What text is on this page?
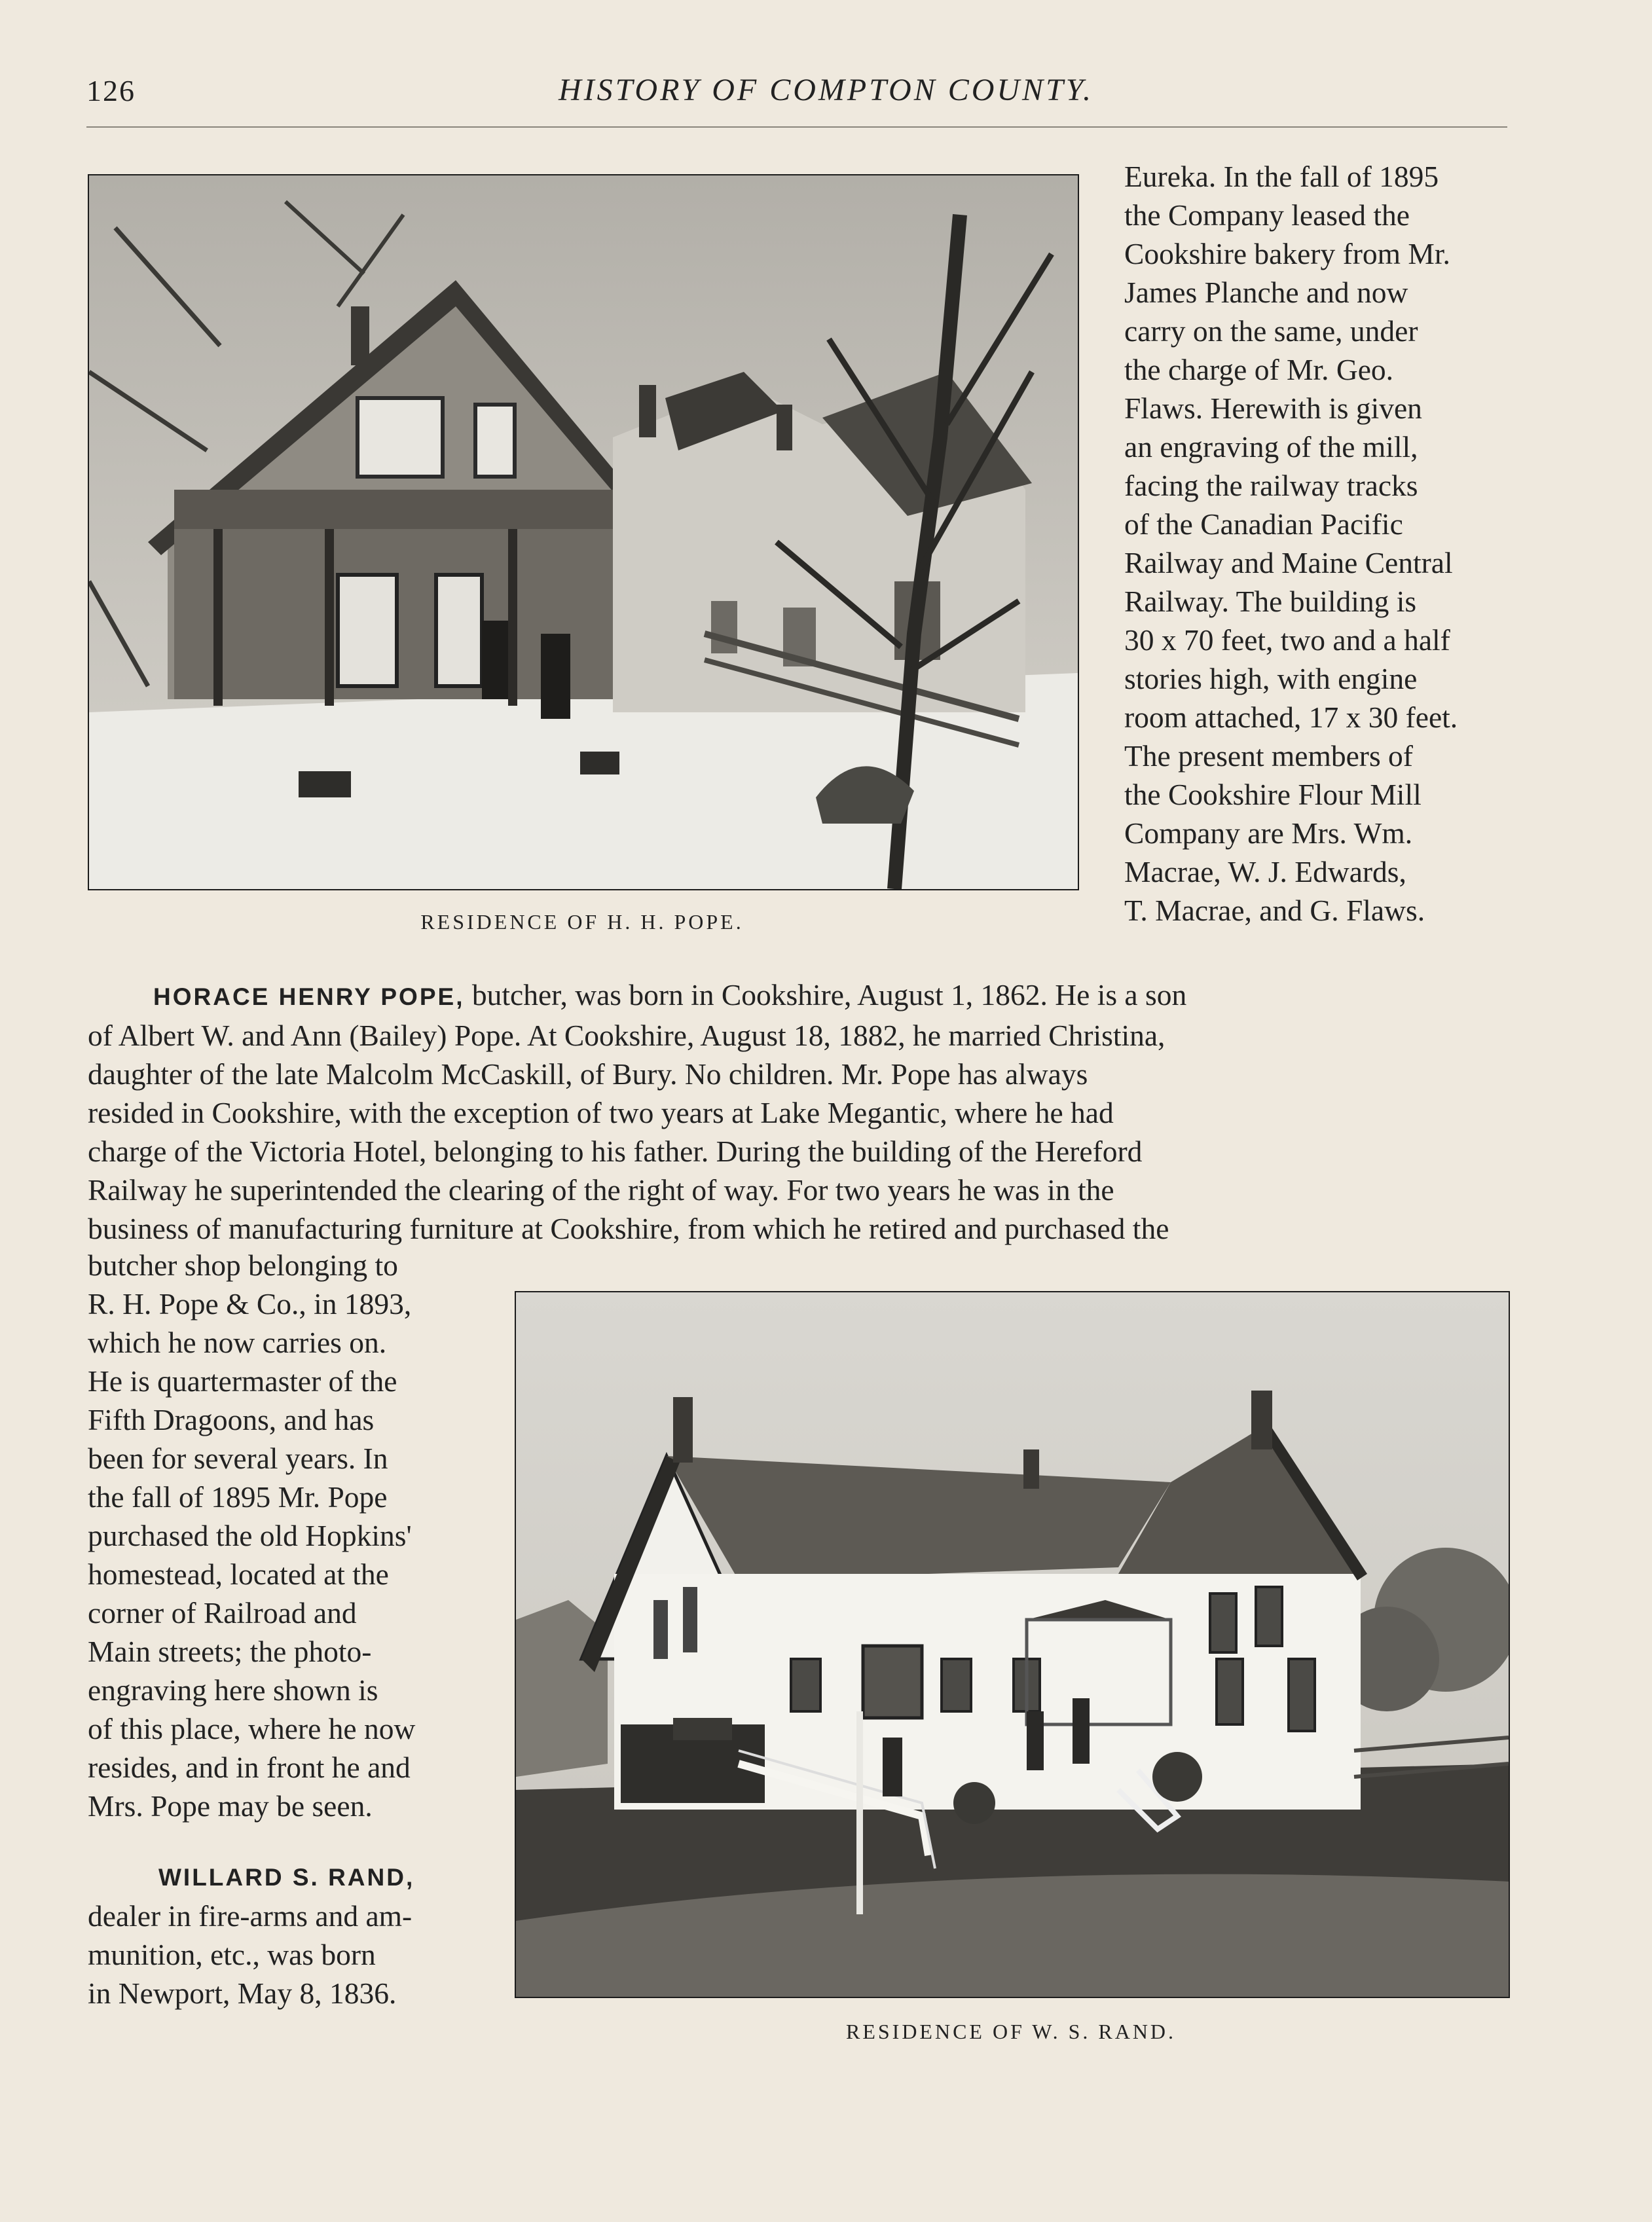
126	HISTORY OF COMPTON COUNTY.
RESIDENCE OF H. H. POPE.

Eureka. In the fall of 1895

the Company leased the

Cookshire bakery from Mr.

James Planche and now

carry on the same, under

the charge of Mr. Geo.

Flaws. Herewith is given

an engraving of the mill,

facing the railway tracks

of the Canadian Pacific

Railway and Maine Central

Railway. The building is

30 x 70 feet, two and a half

stories high, with engine

room attached, 17 x 30 feet.

The present members of

the Cookshire Flour Mill

Company are Mrs. Wm.

Macrae, W. J. Edwards,

T. Macrae, and G. Flaws.

HORACE HENRY POPE, butcher, was born in Cookshire, August 1, 1862. He is a son

of Albert W. and Ann (Bailey) Pope. At Cookshire, August 18, 1882, he married Christina,

daughter of the late Malcolm McCaskill, of Bury. No children. Mr. Pope has always

resided in Cookshire, with the exception of two years at Lake Megantic, where he had

charge of the Victoria Hotel, belonging to his father. During the building of the Hereford

Railway he superintended the clearing of the right of way. For two years he was in the

business of manufacturing furniture at Cookshire, from which he retired and purchased the

butcher shop belonging to

R. H. Pope & Co., in 1893,

which he now carries on.

He is quartermaster of the

Fifth Dragoons, and has

been for several years. In

the fall of 1895 Mr. Pope

purchased the old Hopkins'

homestead, located at the

corner of Railroad and

Main streets; the photo-

engraving here shown is

of this place, where he now

resides, and in front he and

Mrs. Pope may be seen.

WILLARD S. RAND,

dealer in fire-arms and am-

munition, etc., was born

in Newport, May 8, 1836.

RESIDENCE OF W. S. RAND.
